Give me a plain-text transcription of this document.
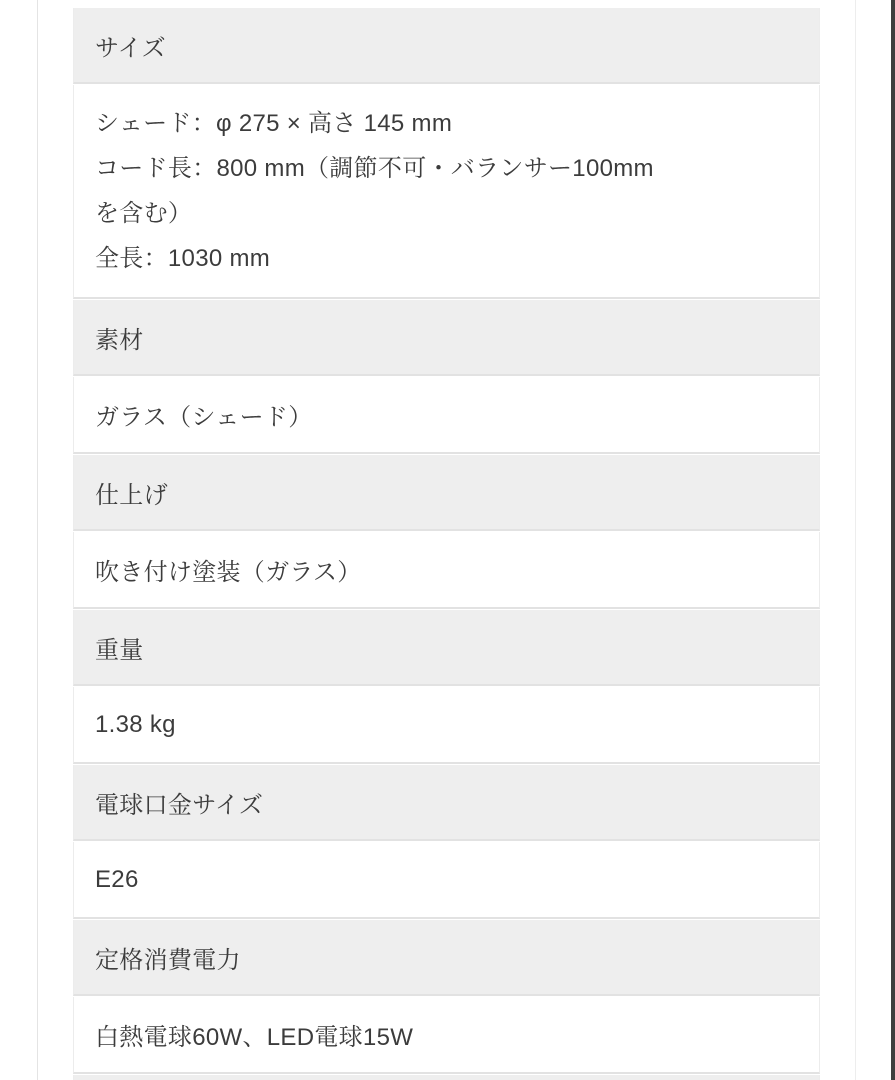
サイズ
シェード：φ 275 × 高さ 145 mm
コード長：800 mm（調節不可・バランサー100mm
を含む）
全長：1030 mm
素材
ガラス（シェード）
仕上げ
吹き付け塗装（ガラス）
重量
1.38 kg
電球口金サイズ
E26
定格消費電力
白熱電球60W、LED電球15W
